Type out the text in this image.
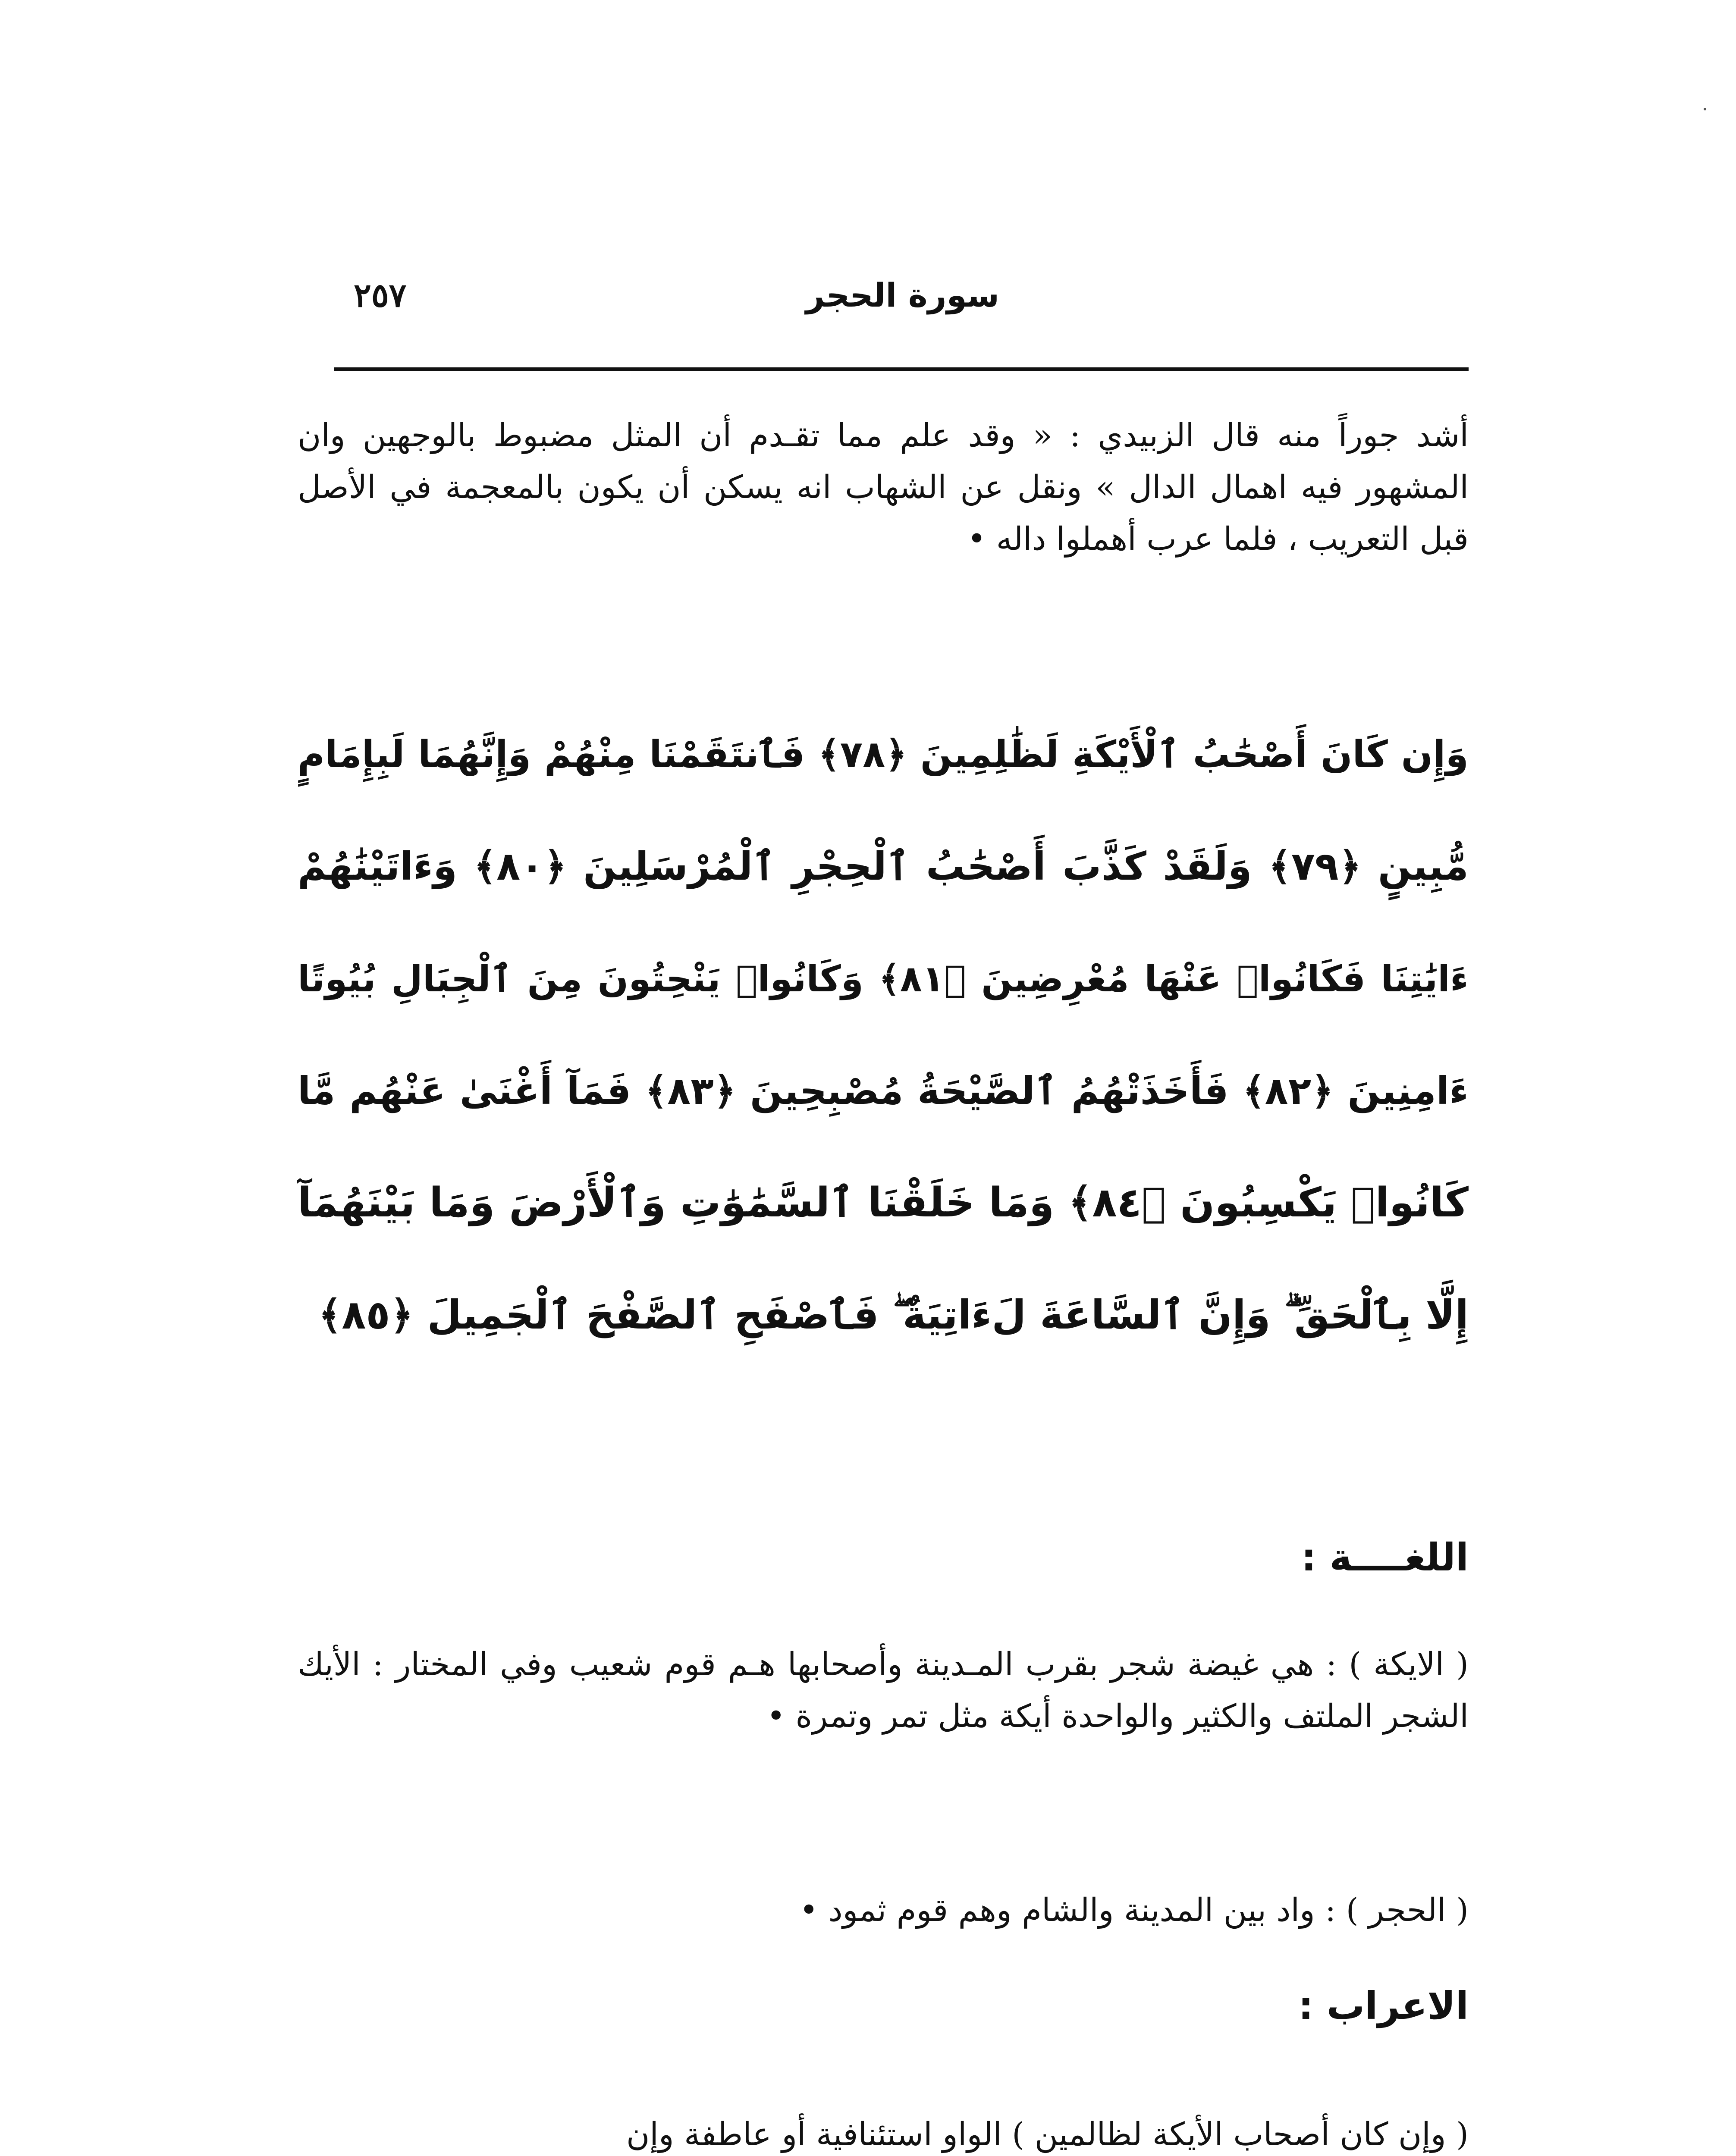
٢٥٧	سورة الحجر
أشد جوراً منه قال الزبيدي : « وقد علم مما تقـدم أن المثل مضبوط بالوجهين وان المشهور فيه اهمال الدال » ونقل عن الشهاب انه يسكن أن يكون بالمعجمة في الأصل قبل التعريب ، فلما عرب أهملوا داله •
وَإِن كَانَ أَصْحَٰبُ ٱلْأَيْكَةِ لَظَٰلِمِينَ ﴿٧٨﴾ فَٱنتَقَمْنَا مِنْهُمْ وَإِنَّهُمَا لَبِإِمَامٍ
مُّبِينٍ ﴿٧٩﴾ وَلَقَدْ كَذَّبَ أَصْحَٰبُ ٱلْحِجْرِ ٱلْمُرْسَلِينَ ﴿٨٠﴾ وَءَاتَيْنَٰهُمْ
ءَايَٰتِنَا فَكَانُوا۟ عَنْهَا مُعْرِضِينَ ﴿٨١﴾ وَكَانُوا۟ يَنْحِتُونَ مِنَ ٱلْجِبَالِ بُيُوتًا
ءَامِنِينَ ﴿٨٢﴾ فَأَخَذَتْهُمُ ٱلصَّيْحَةُ مُصْبِحِينَ ﴿٨٣﴾ فَمَآ أَغْنَىٰ عَنْهُم مَّا
كَانُوا۟ يَكْسِبُونَ ﴿٨٤﴾ وَمَا خَلَقْنَا ٱلسَّمَٰوَٰتِ وَٱلْأَرْضَ وَمَا بَيْنَهُمَآ
إِلَّا بِٱلْحَقِّ ۗ وَإِنَّ ٱلسَّاعَةَ لَءَاتِيَةٌ ۖ فَٱصْفَحِ ٱلصَّفْحَ ٱلْجَمِيلَ ﴿٨٥﴾
اللغــــة :
( الايكة ) : هي غيضة شجر بقرب المـدينة وأصحابها هـم قوم شعيب وفي المختار : الأيك الشجر الملتف والكثير والواحدة أيكة مثل تمر وتمرة •
( الحجر ) : واد بين المدينة والشام وهم قوم ثمود •
الاعراب :
( وإن كان أصحاب الأيكة لظالمين ) الواو استئنافية أو عاطفة وإن
